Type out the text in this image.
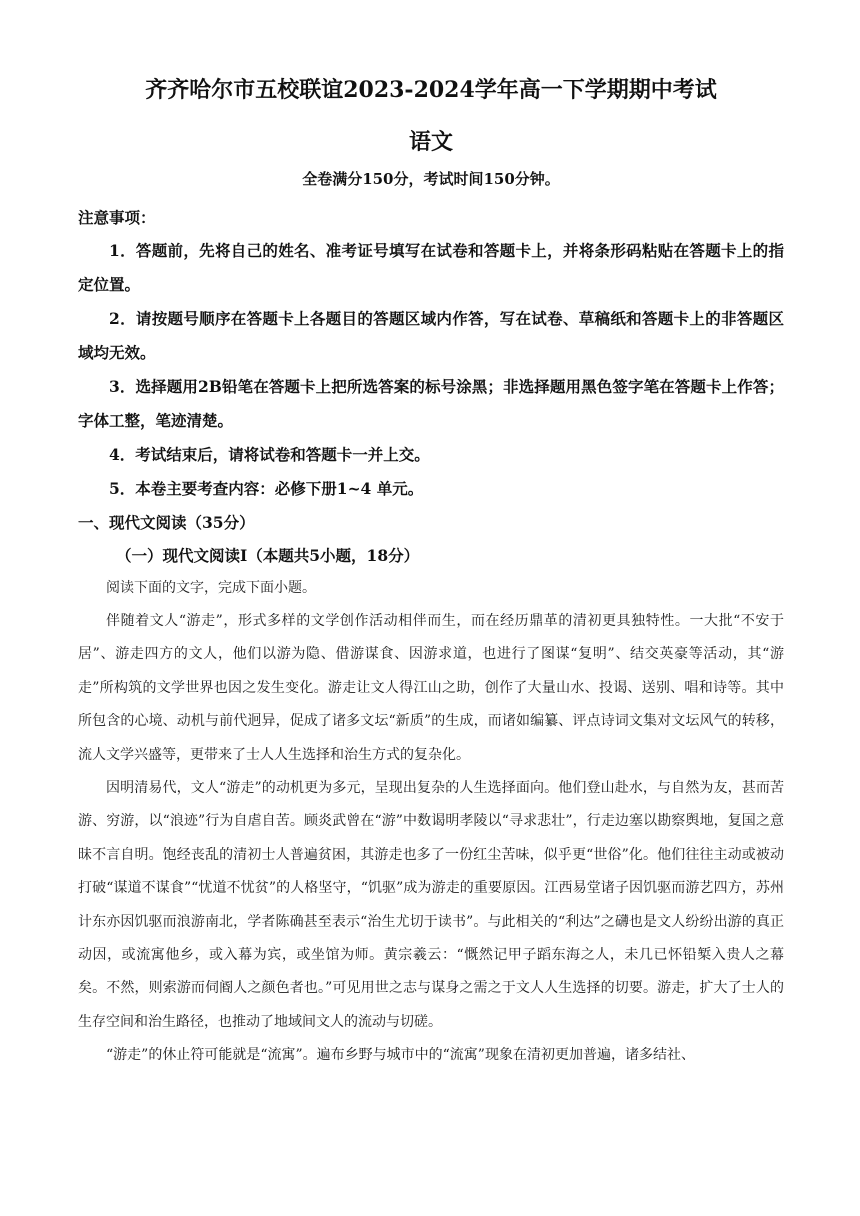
齐齐哈尔市五校联谊2023-2024学年高一下学期期中考试
语文
全卷满分150分，考试时间150分钟。
注意事项：

1．答题前，先将自己的姓名、准考证号填写在试卷和答题卡上，并将条形码粘贴在答题卡上的指定位置。

2．请按题号顺序在答题卡上各题目的答题区域内作答，写在试卷、草稿纸和答题卡上的非答题区域均无效。

3．选择题用2B铅笔在答题卡上把所选答案的标号涂黑；非选择题用黑色签字笔在答题卡上作答；字体工整，笔迹清楚。

4．考试结束后，请将试卷和答题卡一并上交。

5．本卷主要考查内容：必修下册1~4 单元。

一、现代文阅读（35分）

（一）现代文阅读Ⅰ（本题共5小题，18分）

阅读下面的文字，完成下面小题。

伴随着文人“游走”，形式多样的文学创作活动相伴而生，而在经历鼎革的清初更具独特性。一大批“不安于居”、游走四方的文人，他们以游为隐、借游谋食、因游求道，也进行了图谋“复明”、结交英豪等活动，其“游走”所构筑的文学世界也因之发生变化。游走让文人得江山之助，创作了大量山水、投谒、送别、唱和诗等。其中所包含的心境、动机与前代迥异，促成了诸多文坛“新质”的生成，而诸如编纂、评点诗词文集对文坛风气的转移，流人文学兴盛等，更带来了士人人生选择和治生方式的复杂化。

因明清易代，文人“游走”的动机更为多元，呈现出复杂的人生选择面向。他们登山赴水，与自然为友，甚而苦游、穷游，以“浪迹”行为自虐自苦。顾炎武曾在“游”中数谒明孝陵以“寻求悲壮”，行走边塞以勘察舆地，复国之意昧不言自明。饱经丧乱的清初士人普遍贫困，其游走也多了一份红尘苦味，似乎更“世俗”化。他们往往主动或被动打破“谋道不谋食”“忧道不忧贫”的人格坚守，“饥驱”成为游走的重要原因。江西易堂诸子因饥驱而游艺四方，苏州计东亦因饥驱而浪游南北，学者陈确甚至表示“治生尤切于读书”。与此相关的“利达”之礴也是文人纷纷出游的真正动因，或流寓他乡，或入幕为宾，或坐馆为师。黄宗羲云：“慨然记甲子蹈东海之人，未几已怀铅椠入贵人之幕矣。不然，则索游而伺阍人之颜色者也。”可见用世之志与谋身之需之于文人人生选择的切要。游走，扩大了士人的生存空间和治生路径，也推动了地域间文人的流动与切磋。

“游走”的休止符可能就是“流寓”。遍布乡野与城市中的“流寓”现象在清初更加普遍，诸多结社、
